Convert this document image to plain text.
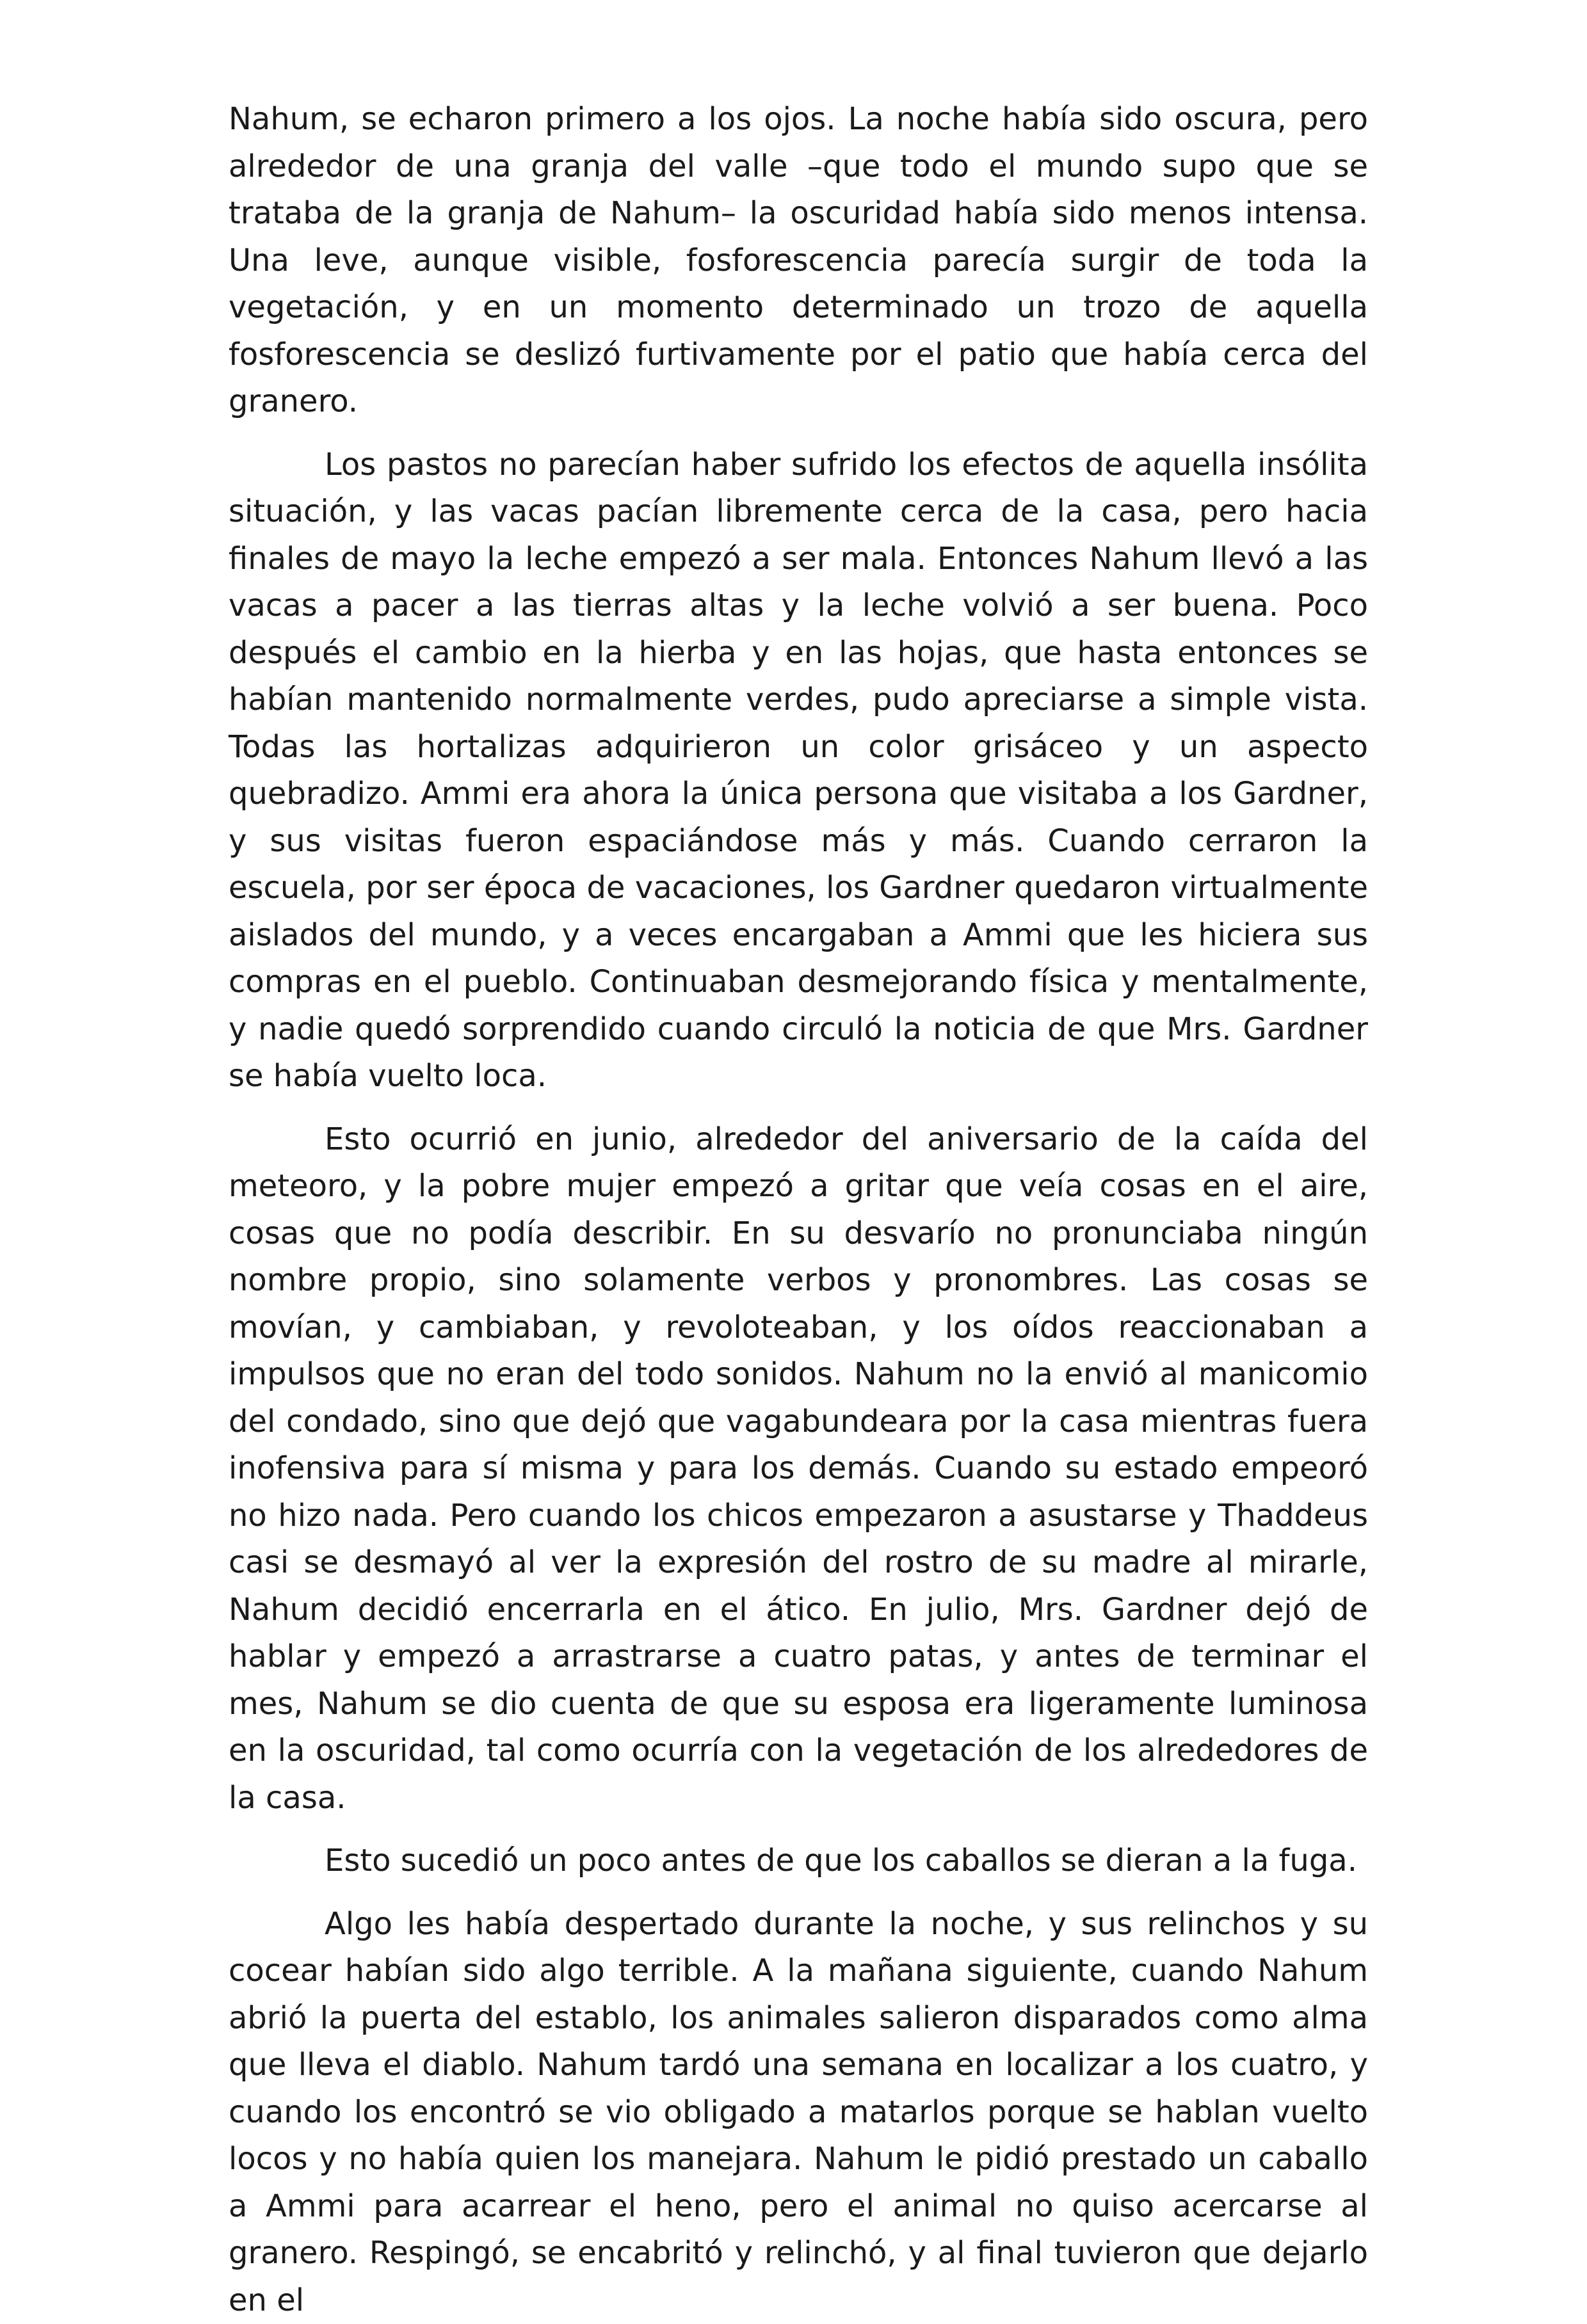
Nahum, se echaron primero a los ojos. La noche había sido oscura, pero alrededor de una granja del valle –que todo el mundo supo que se trataba de la granja de Nahum– la oscuridad había sido menos intensa. Una leve, aunque visible, fosforescencia parecía surgir de toda la vegetación, y en un momento determinado un trozo de aquella fosforescencia se deslizó furtivamente por el patio que había cerca del granero.

Los pastos no parecían haber sufrido los efectos de aquella insólita situación, y las vacas pacían libremente cerca de la casa, pero hacia finales de mayo la leche empezó a ser mala. Entonces Nahum llevó a las vacas a pacer a las tierras altas y la leche volvió a ser buena. Poco después el cambio en la hierba y en las hojas, que hasta entonces se habían mantenido normalmente verdes, pudo apreciarse a simple vista. Todas las hortalizas adquirieron un color grisáceo y un aspecto quebradizo. Ammi era ahora la única persona que visitaba a los Gardner, y sus visitas fueron espaciándose más y más. Cuando cerraron la escuela, por ser época de vacaciones, los Gardner quedaron virtualmente aislados del mundo, y a veces encargaban a Ammi que les hiciera sus compras en el pueblo. Continuaban desmejorando física y mentalmente, y nadie quedó sorprendido cuando circuló la noticia de que Mrs. Gardner se había vuelto loca.

Esto ocurrió en junio, alrededor del aniversario de la caída del meteoro, y la pobre mujer empezó a gritar que veía cosas en el aire, cosas que no podía describir. En su desvarío no pronunciaba ningún nombre propio, sino solamente verbos y pronombres. Las cosas se movían, y cambiaban, y revoloteaban, y los oídos reaccionaban a impulsos que no eran del todo sonidos. Nahum no la envió al manicomio del condado, sino que dejó que vagabundeara por la casa mientras fuera inofensiva para sí misma y para los demás. Cuando su estado empeoró no hizo nada. Pero cuando los chicos empezaron a asustarse y Thaddeus casi se desmayó al ver la expresión del rostro de su madre al mirarle, Nahum decidió encerrarla en el ático. En julio, Mrs. Gardner dejó de hablar y empezó a arrastrarse a cuatro patas, y antes de terminar el mes, Nahum se dio cuenta de que su esposa era ligeramente luminosa en la oscuridad, tal como ocurría con la vegetación de los alrededores de la casa.

Esto sucedió un poco antes de que los caballos se dieran a la fuga.

Algo les había despertado durante la noche, y sus relinchos y su cocear habían sido algo terrible. A la mañana siguiente, cuando Nahum abrió la puerta del establo, los animales salieron disparados como alma que lleva el diablo. Nahum tardó una semana en localizar a los cuatro, y cuando los encontró se vio obligado a matarlos porque se hablan vuelto locos y no había quien los manejara. Nahum le pidió prestado un caballo a Ammi para acarrear el heno, pero el animal no quiso acercarse al granero. Respingó, se encabritó y relinchó, y al final tuvieron que dejarlo en el
